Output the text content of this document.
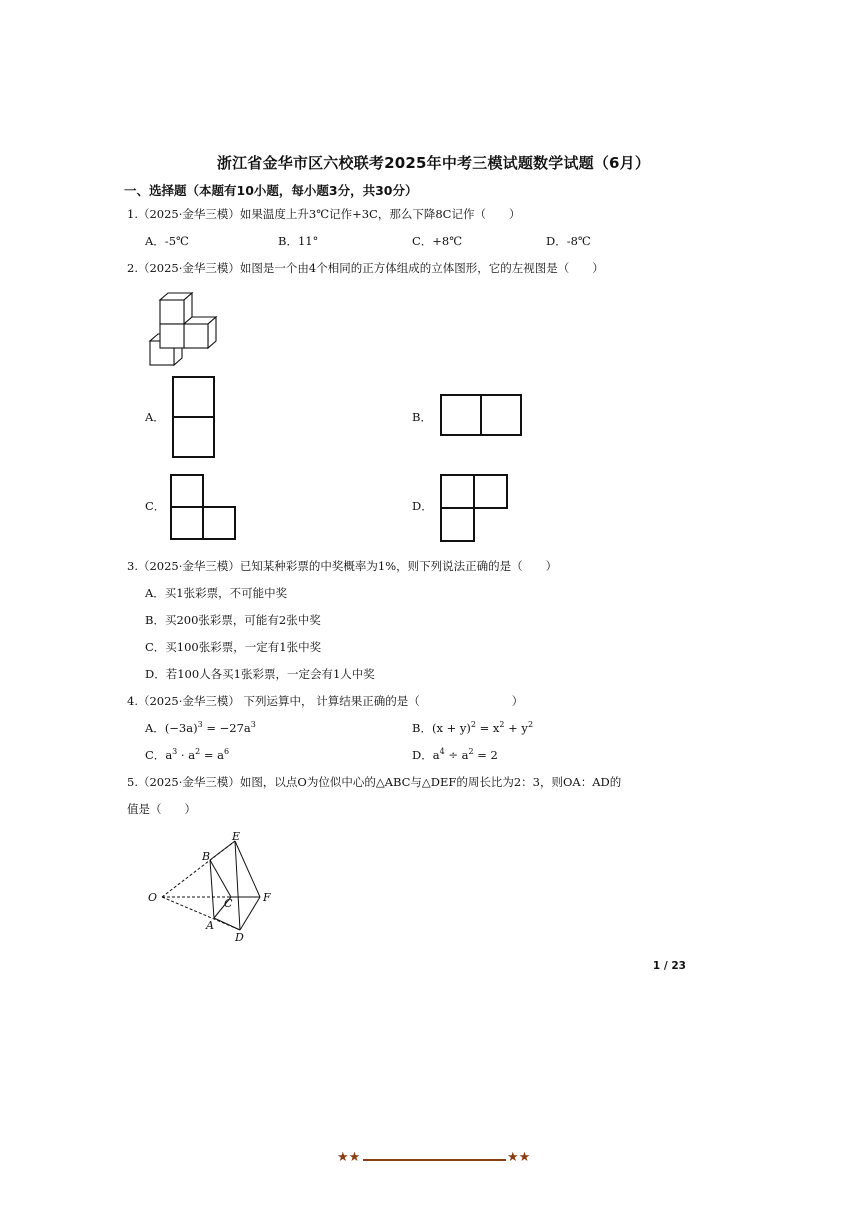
浙江省金华市区六校联考2025年中考三模试题数学试题（6月）
一、选择题（本题有10小题，每小题3分，共30分）
1.（2025·金华三模）如果温度上升3℃记作+3C，那么下降8C记作（　　）
A．-5℃	B．11°	C．+8℃	D．-8℃
2.（2025·金华三模）如图是一个由4个相同的正方体组成的立体图形，它的左视图是（　　）
A．	B．
C．	D．
3.（2025·金华三模）已知某种彩票的中奖概率为1%，则下列说法正确的是（　　）
A．买1张彩票，不可能中奖
B．买200张彩票，可能有2张中奖
C．买100张彩票，一定有1张中奖
D．若100人各买1张彩票，一定会有1人中奖
4.（2025·金华三模） 下列运算中， 计算结果正确的是（　　　　　　　　）
A．$(-3a)^3 = -27a^3$	B．$(x + y)^2 = x^2 + y^2$
C．$a^3 \cdot a^2 = a^6$	D．$a^4 \div a^2 = 2$
5.（2025·金华三模）如图，以点O为位似中心的△ABC与△DEF的周长比为2：3，则OA：AD的
值是（　　）
O
B
E
C	F
A
D
1 / 23
★★	★★
